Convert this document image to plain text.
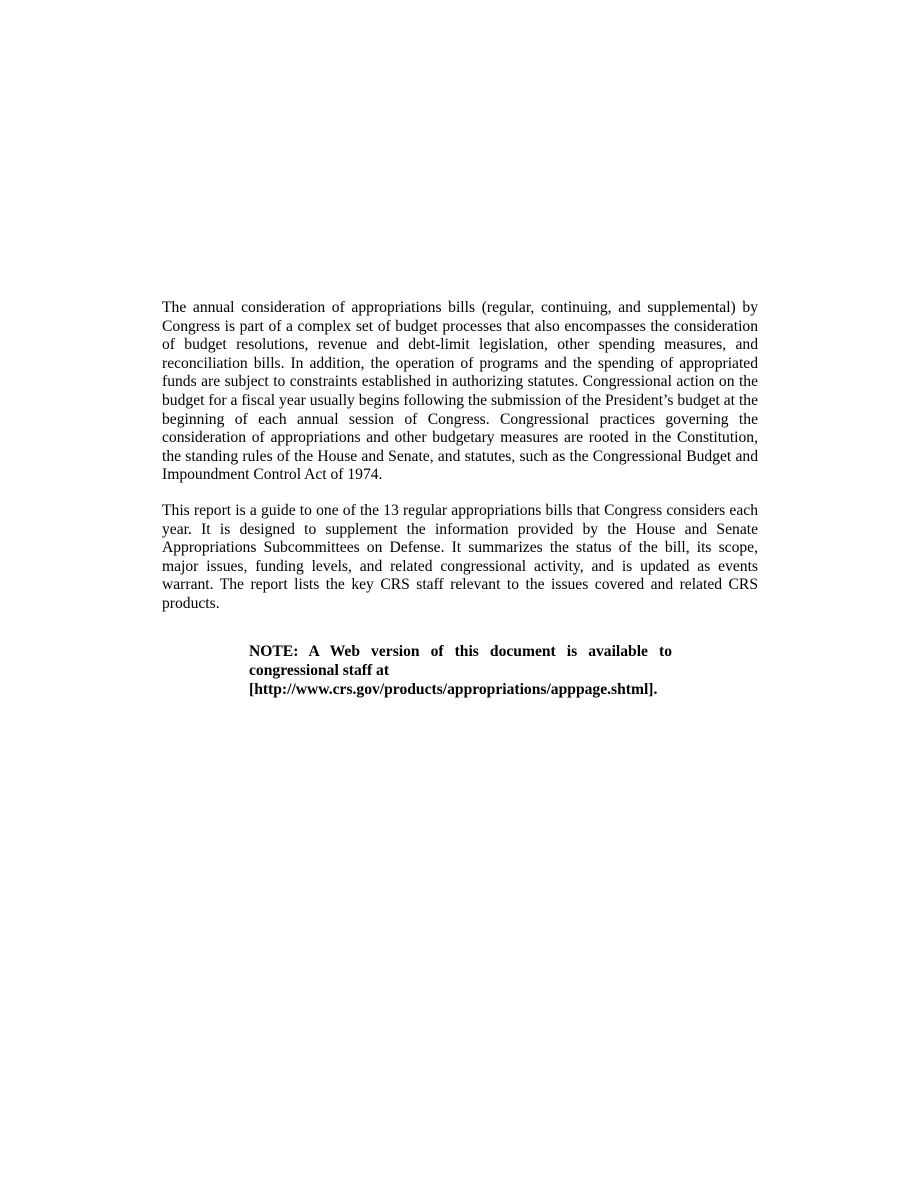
The annual consideration of appropriations bills (regular, continuing, and supplemental) by Congress is part of a complex set of budget processes that also encompasses the consideration of budget resolutions, revenue and debt-limit legislation, other spending measures, and reconciliation bills. In addition, the operation of programs and the spending of appropriated funds are subject to constraints established in authorizing statutes. Congressional action on the budget for a fiscal year usually begins following the submission of the President’s budget at the beginning of each annual session of Congress. Congressional practices governing the consideration of appropriations and other budgetary measures are rooted in the Constitution, the standing rules of the House and Senate, and statutes, such as the Congressional Budget and Impoundment Control Act of 1974.

This report is a guide to one of the 13 regular appropriations bills that Congress considers each year. It is designed to supplement the information provided by the House and Senate Appropriations Subcommittees on Defense. It summarizes the status of the bill, its scope, major issues, funding levels, and related congressional activity, and is updated as events warrant. The report lists the key CRS staff relevant to the issues covered and related CRS products.

NOTE: A Web version of this document is available to
congressional staff at
[http://www.crs.gov/products/appropriations/apppage.shtml].
